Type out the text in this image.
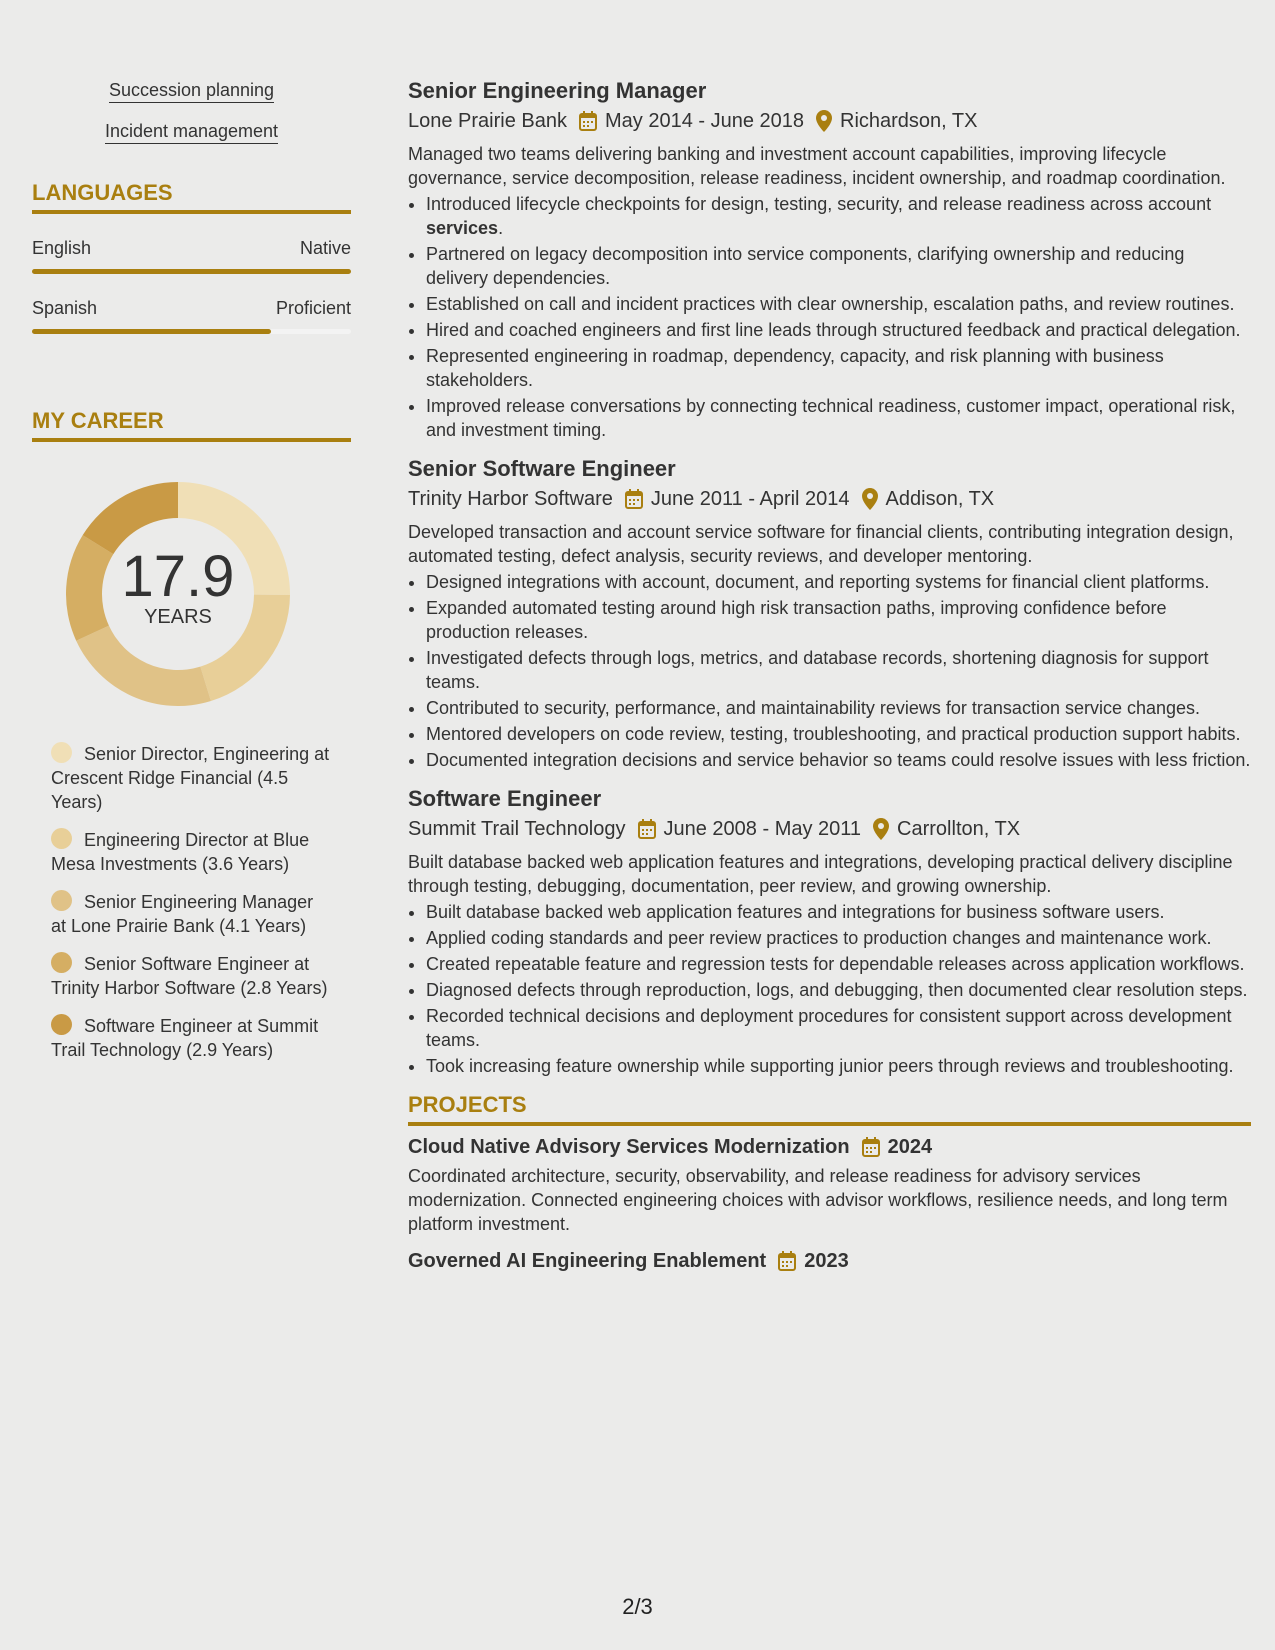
Succession planning
Incident management
LANGUAGES
English	Native
Spanish	Proficient
MY CAREER
17.9
YEARS
Senior Director, Engineering at Crescent Ridge Financial (4.5 Years)
Engineering Director at Blue Mesa Investments (3.6 Years)
Senior Engineering Manager at Lone Prairie Bank (4.1 Years)
Senior Software Engineer at Trinity Harbor Software (2.8 Years)
Software Engineer at Summit Trail Technology (2.9 Years)
Senior Engineering Manager
Lone Prairie Bank May 2014 - June 2018 Richardson, TX

Managed two teams delivering banking and investment account capabilities, improving lifecycle governance, service decomposition, release readiness, incident ownership, and roadmap coordination.

• Introduced lifecycle checkpoints for design, testing, security, and release readiness across account services.
• Partnered on legacy decomposition into service components, clarifying ownership and reducing delivery dependencies.
• Established on call and incident practices with clear ownership, escalation paths, and review routines.
• Hired and coached engineers and first line leads through structured feedback and practical delegation.
• Represented engineering in roadmap, dependency, capacity, and risk planning with business stakeholders.
• Improved release conversations by connecting technical readiness, customer impact, operational risk, and investment timing.
Senior Software Engineer
Trinity Harbor Software June 2011 - April 2014 Addison, TX

Developed transaction and account service software for financial clients, contributing integration design, automated testing, defect analysis, security reviews, and developer mentoring.

• Designed integrations with account, document, and reporting systems for financial client platforms.
• Expanded automated testing around high risk transaction paths, improving confidence before production releases.
• Investigated defects through logs, metrics, and database records, shortening diagnosis for support teams.
• Contributed to security, performance, and maintainability reviews for transaction service changes.
• Mentored developers on code review, testing, troubleshooting, and practical production support habits.
• Documented integration decisions and service behavior so teams could resolve issues with less friction.
Software Engineer
Summit Trail Technology June 2008 - May 2011 Carrollton, TX

Built database backed web application features and integrations, developing practical delivery discipline through testing, debugging, documentation, peer review, and growing ownership.

• Built database backed web application features and integrations for business software users.
• Applied coding standards and peer review practices to production changes and maintenance work.
• Created repeatable feature and regression tests for dependable releases across application workflows.
• Diagnosed defects through reproduction, logs, and debugging, then documented clear resolution steps.
• Recorded technical decisions and deployment procedures for consistent support across development teams.
• Took increasing feature ownership while supporting junior peers through reviews and troubleshooting.
PROJECTS
Cloud Native Advisory Services Modernization 2024

Coordinated architecture, security, observability, and release readiness for advisory services modernization. Connected engineering choices with advisor workflows, resilience needs, and long term platform investment.

Governed AI Engineering Enablement 2023
2/3
